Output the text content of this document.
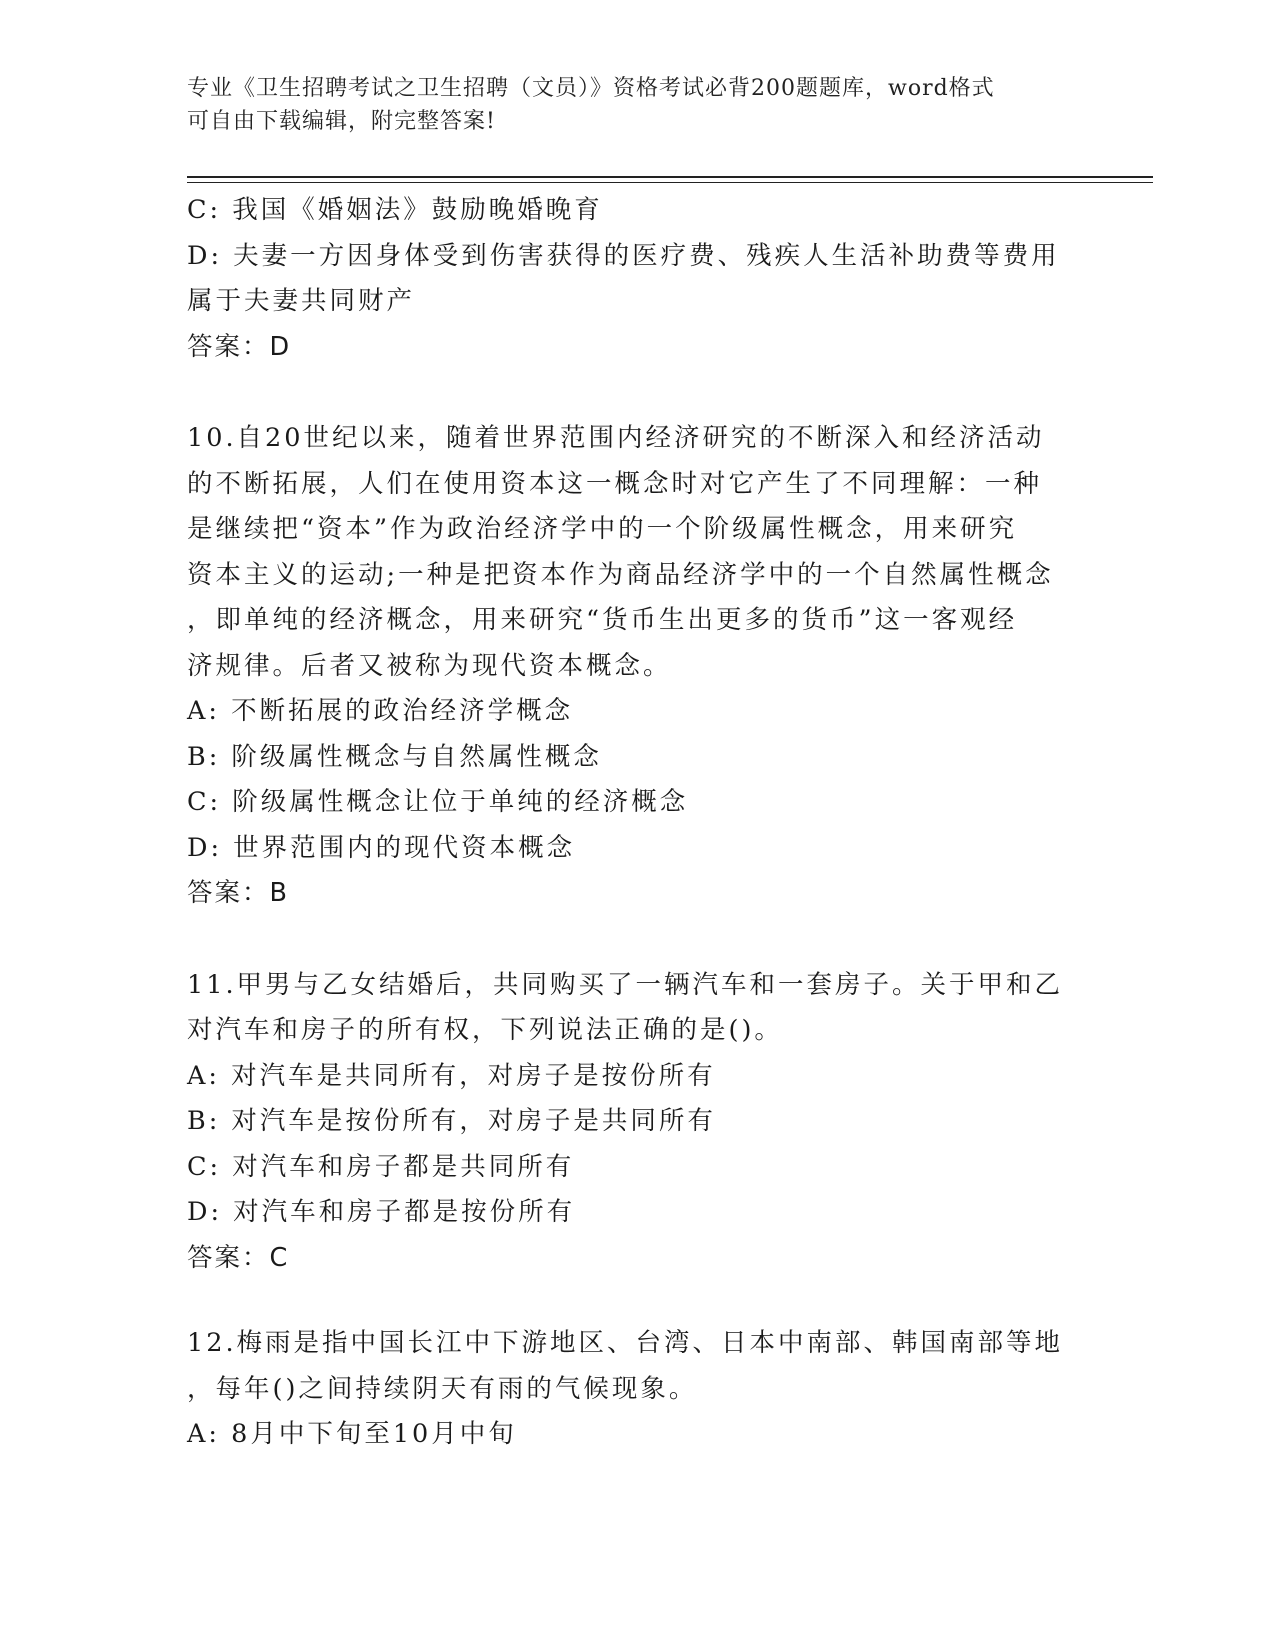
专业《卫生招聘考试之卫生招聘（文员）》资格考试必背200题题库，word格式
可自由下载编辑，附完整答案!
C: 我国《婚姻法》鼓励晚婚晚育
D: 夫妻一方因身体受到伤害获得的医疗费、残疾人生活补助费等费用
属于夫妻共同财产
答案：D
10.自20世纪以来，随着世界范围内经济研究的不断深入和经济活动
的不断拓展，人们在使用资本这一概念时对它产生了不同理解：一种
是继续把“资本”作为政治经济学中的一个阶级属性概念，用来研究
资本主义的运动;一种是把资本作为商品经济学中的一个自然属性概念
，即单纯的经济概念，用来研究“货币生出更多的货币”这一客观经
济规律。后者又被称为现代资本概念。
A: 不断拓展的政治经济学概念
B: 阶级属性概念与自然属性概念
C: 阶级属性概念让位于单纯的经济概念
D: 世界范围内的现代资本概念
答案：B
11.甲男与乙女结婚后，共同购买了一辆汽车和一套房子。关于甲和乙
对汽车和房子的所有权，下列说法正确的是()。
A: 对汽车是共同所有，对房子是按份所有
B: 对汽车是按份所有，对房子是共同所有
C: 对汽车和房子都是共同所有
D: 对汽车和房子都是按份所有
答案：C
12.梅雨是指中国长江中下游地区、台湾、日本中南部、韩国南部等地
，每年()之间持续阴天有雨的气候现象。
A: 8月中下旬至10月中旬
